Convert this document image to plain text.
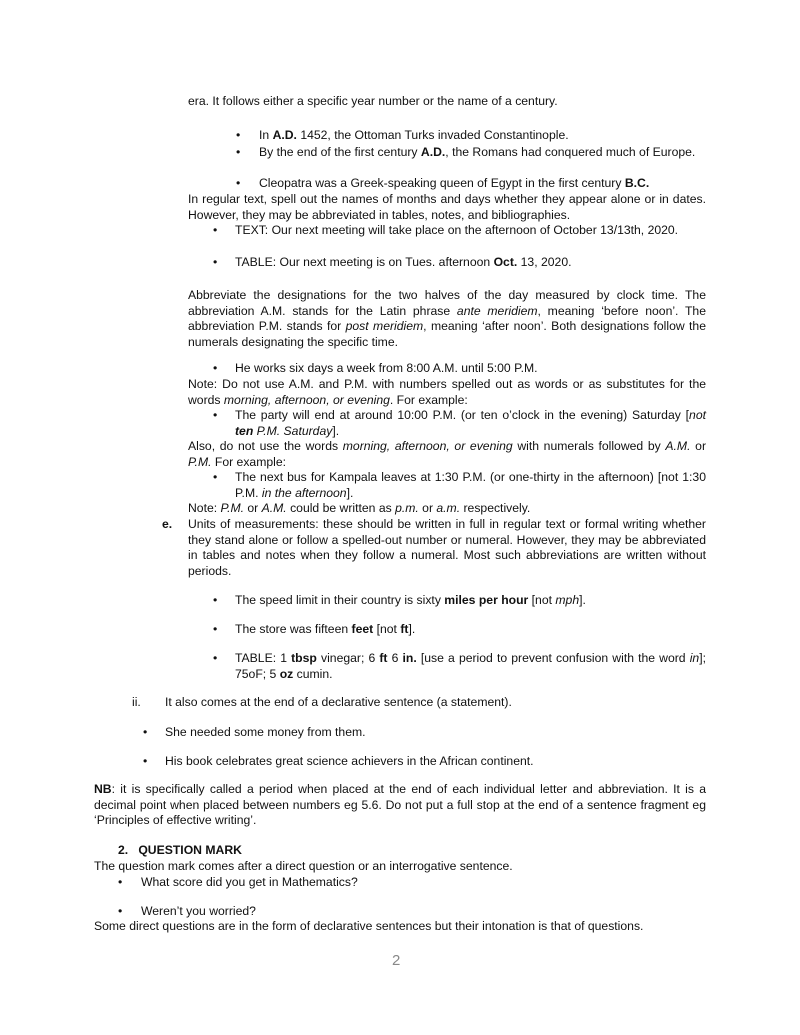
era. It follows either a specific year number or the name of a century.
• In A.D. 1452, the Ottoman Turks invaded Constantinople.
• By the end of the first century A.D., the Romans had conquered much of Europe.
• Cleopatra was a Greek-speaking queen of Egypt in the first century B.C.
In regular text, spell out the names of months and days whether they appear alone or in dates. However, they may be abbreviated in tables, notes, and bibliographies.
• TEXT: Our next meeting will take place on the afternoon of October 13/13th, 2020.
• TABLE: Our next meeting is on Tues. afternoon Oct. 13, 2020.
Abbreviate the designations for the two halves of the day measured by clock time. The abbreviation A.M. stands for the Latin phrase ante meridiem, meaning ‘before noon’. The abbreviation P.M. stands for post meridiem, meaning ‘after noon’. Both designations follow the numerals designating the specific time.
• He works six days a week from 8:00 A.M. until 5:00 P.M.
Note: Do not use A.M. and P.M. with numbers spelled out as words or as substitutes for the words morning, afternoon, or evening. For example:
• The party will end at around 10:00 P.M. (or ten o’clock in the evening) Saturday [not ten P.M. Saturday].
Also, do not use the words morning, afternoon, or evening with numerals followed by A.M. or P.M. For example:
• The next bus for Kampala leaves at 1:30 P.M. (or one-thirty in the afternoon) [not 1:30 P.M. in the afternoon].
Note: P.M. or A.M. could be written as p.m. or a.m. respectively.
e. Units of measurements: these should be written in full in regular text or formal writing whether they stand alone or follow a spelled-out number or numeral. However, they may be abbreviated in tables and notes when they follow a numeral. Most such abbreviations are written without periods.
• The speed limit in their country is sixty miles per hour [not mph].
• The store was fifteen feet [not ft].
• TABLE: 1 tbsp vinegar; 6 ft 6 in. [use a period to prevent confusion with the word in]; 75oF; 5 oz cumin.
ii. It also comes at the end of a declarative sentence (a statement).
• She needed some money from them.
• His book celebrates great science achievers in the African continent.
NB: it is specifically called a period when placed at the end of each individual letter and abbreviation. It is a decimal point when placed between numbers eg 5.6. Do not put a full stop at the end of a sentence fragment eg ‘Principles of effective writing’.
2.   QUESTION MARK
The question mark comes after a direct question or an interrogative sentence.
• What score did you get in Mathematics?
• Weren’t you worried?
Some direct questions are in the form of declarative sentences but their intonation is that of questions.
2
